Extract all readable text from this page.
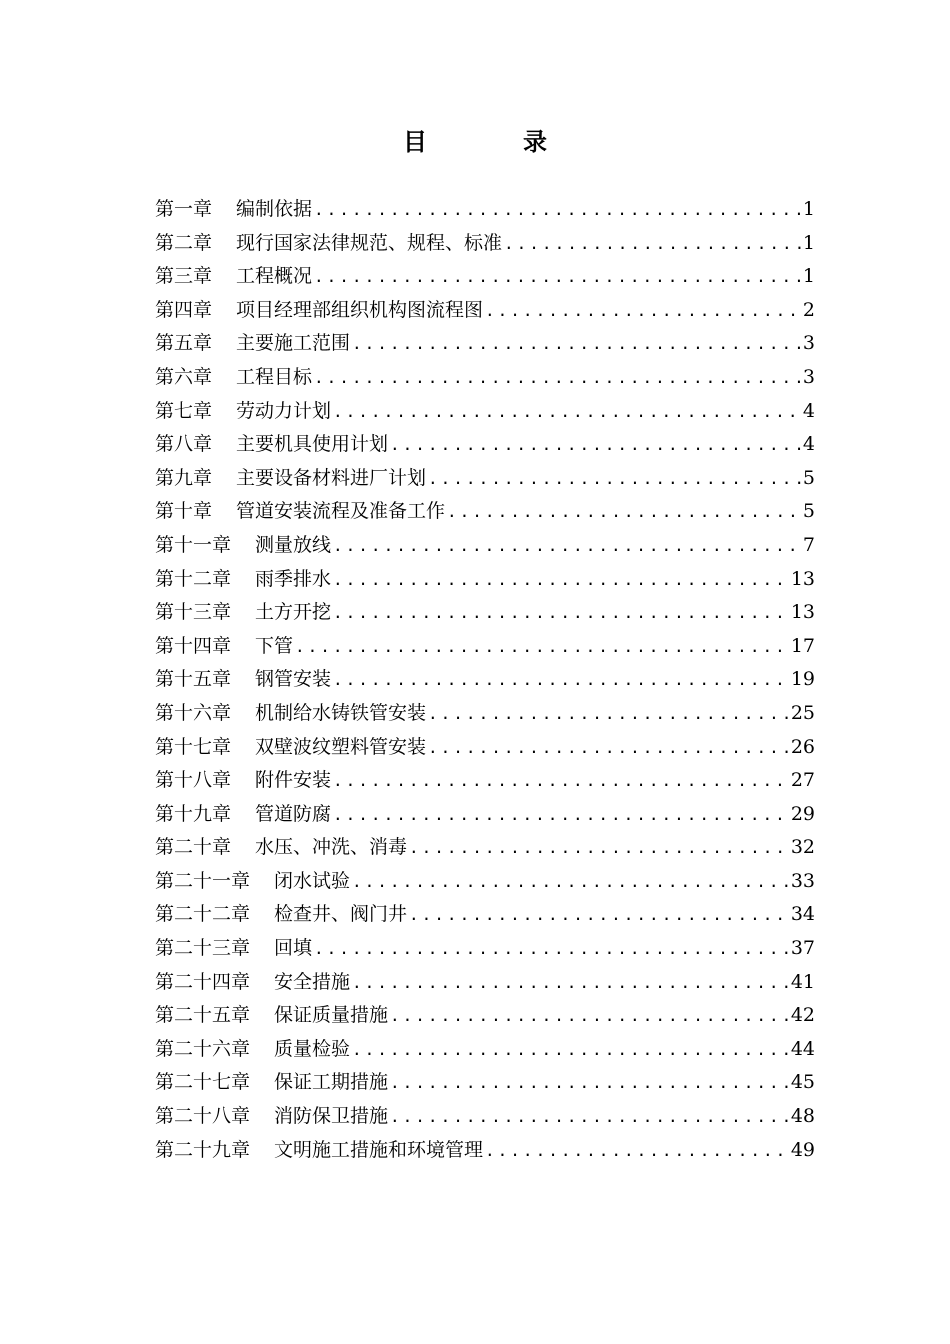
目	录
第一章 编制依据 .....	1
第二章 现行国家法律规范、规程、标准 .....	1
第三章 工程概况 .....	1
第四章 项目经理部组织机构图流程图 .....	2
第五章 主要施工范围 .....	3
第六章 工程目标 .....	3
第七章 劳动力计划 .....	4
第八章 主要机具使用计划 .....	4
第九章 主要设备材料进厂计划 .....	5
第十章 管道安装流程及准备工作 .....	5
第十一章 测量放线 .....	7
第十二章 雨季排水 .....	13
第十三章 土方开挖 .....	13
第十四章 下管 .....	17
第十五章 钢管安装 .....	19
第十六章 机制给水铸铁管安装 .....	25
第十七章 双壁波纹塑料管安装 .....	26
第十八章 附件安装 .....	27
第十九章 管道防腐 .....	29
第二十章 水压、冲洗、消毒 .....	32
第二十一章 闭水试验 .....	33
第二十二章 检查井、阀门井 .....	34
第二十三章 回填 .....	37
第二十四章 安全措施 .....	41
第二十五章 保证质量措施 .....	42
第二十六章 质量检验 .....	44
第二十七章 保证工期措施 .....	45
第二十八章 消防保卫措施 .....	48
第二十九章 文明施工措施和环境管理 .....	49
